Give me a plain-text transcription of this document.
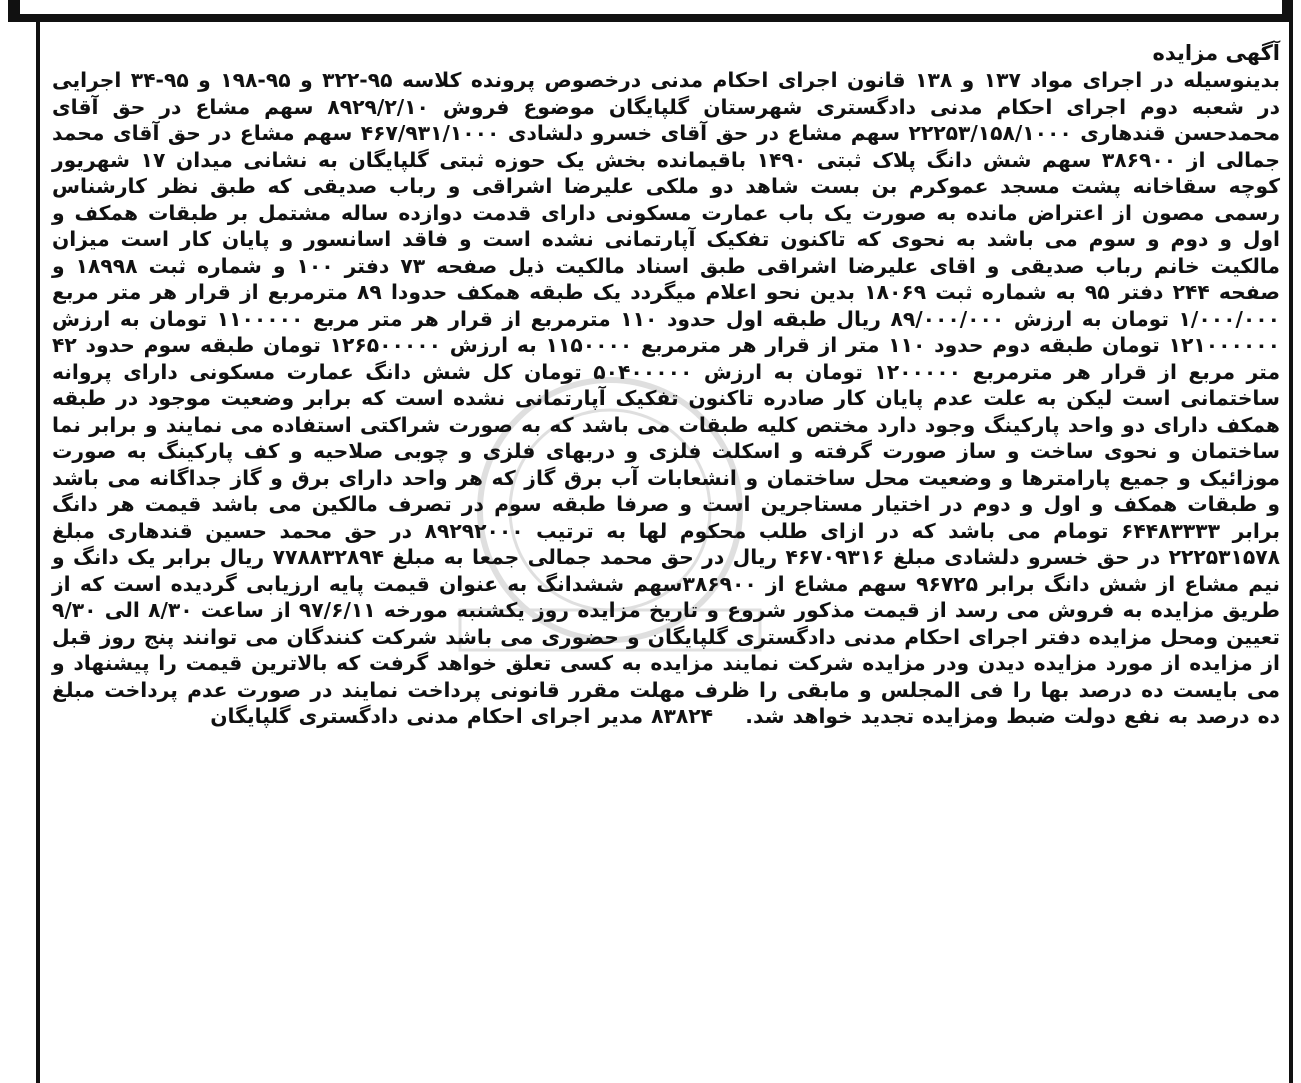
آگهی مزایده

بدینوسیله در اجرای مواد ۱۳۷ و ۱۳۸ قانون اجرای احکام مدنی درخصوص پرونده کلاسه ۹۵-۳۲۲ و ۹۵-۱۹۸ و ۹۵-۳۴ اجرایی در شعبه دوم اجرای احکام مدنی دادگستری شهرستان گلپایگان موضوع فروش ۸۹۲۹/۲/۱۰ سهم مشاع در حق آقای محمدحسن قندهاری ۲۲۲۵۳/۱۵۸/۱۰۰۰ سهم مشاع در حق آقای خسرو دلشادی ۴۶۷/۹۳۱/۱۰۰۰ سهم مشاع در حق آقای محمد جمالی از ۳۸۶۹۰۰ سهم شش دانگ پلاک ثبتی ۱۴۹۰ باقیمانده بخش یک حوزه ثبتی گلپایگان به نشانی میدان ۱۷ شهریور کوچه سقاخانه پشت مسجد عموکرم بن بست شاهد دو ملکی علیرضا اشراقی و رباب صدیقی که طبق نظر کارشناس رسمی مصون از اعتراض مانده به صورت یک باب عمارت مسکونی دارای قدمت دوازده ساله مشتمل بر طبقات همکف و اول و دوم و سوم می باشد به نحوی که تاکنون تفکیک آپارتمانی نشده است و فاقد اسانسور و پایان کار است میزان مالکیت خانم رباب صدیقی و اقای علیرضا اشراقی طبق اسناد مالکیت ذیل صفحه ۷۳ دفتر ۱۰۰ و شماره ثبت ۱۸۹۹۸ و صفحه ۲۴۴ دفتر ۹۵ به شماره ثبت ۱۸۰۶۹ بدین نحو اعلام میگردد یک طبقه همکف حدودا ۸۹ مترمربع از قرار هر متر مربع ۱/۰۰۰/۰۰۰ تومان به ارزش ۸۹/۰۰۰/۰۰۰ ریال طبقه اول حدود ۱۱۰ مترمربع از قرار هر متر مربع ۱۱۰۰۰۰۰ تومان به ارزش ۱۲۱۰۰۰۰۰۰ تومان طبقه دوم حدود ۱۱۰ متر از قرار هر مترمربع ۱۱۵۰۰۰۰ به ارزش ۱۲۶۵۰۰۰۰۰ تومان طبقه سوم حدود ۴۲ متر مربع از قرار هر مترمربع ۱۲۰۰۰۰۰ تومان به ارزش ۵۰۴۰۰۰۰۰ تومان کل شش دانگ عمارت مسکونی دارای پروانه ساختمانی است لیکن به علت عدم پایان کار صادره تاکنون تفکیک آپارتمانی نشده است که برابر وضعیت موجود در طبقه همکف دارای دو واحد پارکینگ وجود دارد مختص کلیه طبقات می باشد که به صورت شراکتی استفاده می نمایند و برابر نما ساختمان و نحوی ساخت و ساز صورت گرفته و اسکلت فلزی و دربهای فلزی و چوبی صلاحیه و کف پارکینگ به صورت موزائیک و جمیع پارامترها و وضعیت محل ساختمان و انشعابات آب برق گاز که هر واحد دارای برق و گاز جداگانه می باشد و طبقات همکف و اول و دوم در اختیار مستاجرین است و صرفا طبقه سوم در تصرف مالکین می باشد قیمت هر دانگ برابر ۶۴۴۸۳۳۳۳ تومام می باشد که در ازای طلب محکوم لها به ترتیب ۸۹۲۹۲۰۰۰ در حق محمد حسین قندهاری مبلغ ۲۲۲۵۳۱۵۷۸ در حق خسرو دلشادی مبلغ ۴۶۷۰۹۳۱۶ ریال در حق محمد جمالی جمعا به مبلغ ۷۷۸۸۳۲۸۹۴ ریال برابر یک دانگ و نیم مشاع از شش دانگ برابر ۹۶۷۲۵ سهم مشاع از ۳۸۶۹۰۰سهم ششدانگ به عنوان قیمت پایه ارزیابی گردیده است که از طریق مزایده به فروش می رسد از قیمت مذکور شروع و تاریخ مزایده روز یکشنبه مورخه ۹۷/۶/۱۱ از ساعت ۸/۳۰ الی ۹/۳۰ تعیین ومحل مزایده دفتر اجرای احکام مدنی دادگستری گلپایگان و حضوری می باشد شرکت کنندگان می توانند پنج روز قبل از مزایده از مورد مزایده دیدن ودر مزایده شرکت نمایند مزایده به کسی تعلق خواهد گرفت که بالاترین قیمت را پیشنهاد و می بایست ده درصد بها را فی المجلس و مابقی را ظرف مهلت مقرر قانونی پرداخت نمایند در صورت عدم پرداخت مبلغ ده درصد به نفع دولت ضبط ومزایده تجدید خواهد شد.    ۸۳۸۲۴ مدیر اجرای احکام مدنی دادگستری گلپایگان
